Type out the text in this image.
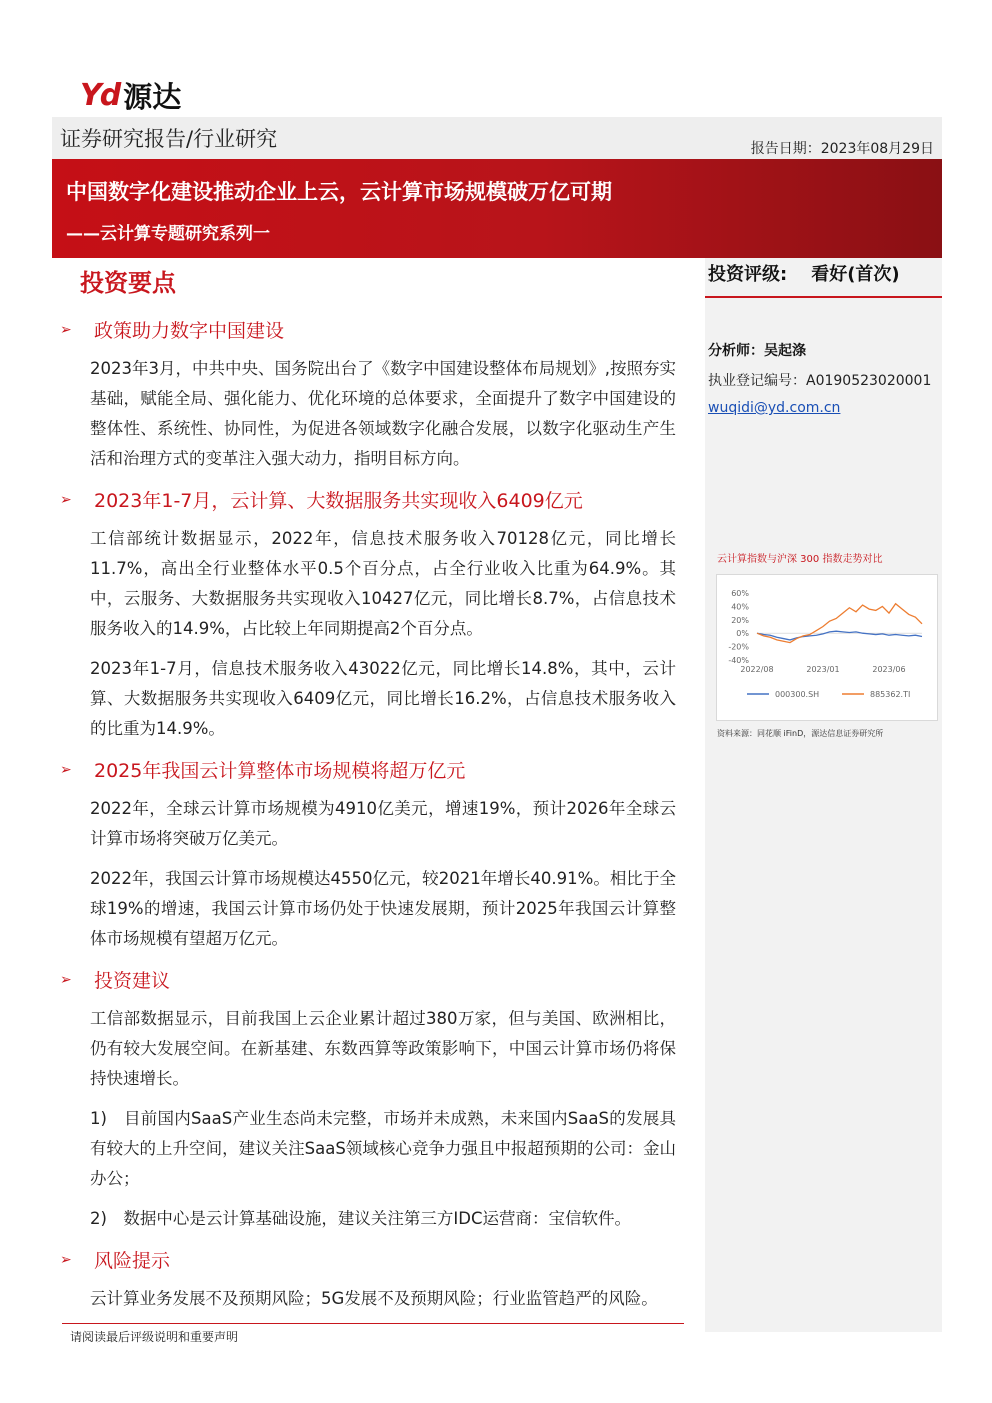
Yd 源达
证券研究报告/行业研究	报告日期：2023年08月29日
中国数字化建设推动企业上云，云计算市场规模破万亿可期
——云计算专题研究系列一
投资要点	投资评级: 看好(首次)
分析师：吴起涤
执业登记编号：A0190523020001
wuqidi@yd.com.cn
云计算指数与沪深 300 指数走势对比
60%
40%
20%
0%
-20%
-40%
2022/08	2023/01	2023/06
000300.SH	885362.TI
资料来源：同花顺 iFinD，源达信息证券研究所
➢	政策助力数字中国建设
2023年3月，中共中央、国务院出台了《数字中国建设整体布局规划》,按照夯实基础，赋能全局、强化能力、优化环境的总体要求，全面提升了数字中国建设的整体性、系统性、协同性，为促进各领域数字化融合发展，以数字化驱动生产生活和治理方式的变革注入强大动力，指明目标方向。
➢	2023年1-7月，云计算、大数据服务共实现收入6409亿元
工信部统计数据显示，2022年，信息技术服务收入70128亿元，同比增长11.7%，高出全行业整体水平0.5个百分点，占全行业收入比重为64.9%。其中，云服务、大数据服务共实现收入10427亿元，同比增长8.7%，占信息技术服务收入的14.9%，占比较上年同期提高2个百分点。
2023年1-7月，信息技术服务收入43022亿元，同比增长14.8%，其中，云计算、大数据服务共实现收入6409亿元，同比增长16.2%，占信息技术服务收入的比重为14.9%。
➢	2025年我国云计算整体市场规模将超万亿元
2022年，全球云计算市场规模为4910亿美元，增速19%，预计2026年全球云计算市场将突破万亿美元。
2022年，我国云计算市场规模达4550亿元，较2021年增长40.91%。相比于全球19%的增速，我国云计算市场仍处于快速发展期，预计2025年我国云计算整体市场规模有望超万亿元。
➢	投资建议
工信部数据显示，目前我国上云企业累计超过380万家，但与美国、欧洲相比，仍有较大发展空间。在新基建、东数西算等政策影响下，中国云计算市场仍将保持快速增长。
1)　目前国内SaaS产业生态尚未完整，市场并未成熟，未来国内SaaS的发展具有较大的上升空间，建议关注SaaS领域核心竞争力强且中报超预期的公司：金山办公；
2)　数据中心是云计算基础设施，建议关注第三方IDC运营商：宝信软件。
➢	风险提示
云计算业务发展不及预期风险；5G发展不及预期风险；行业监管趋严的风险。
请阅读最后评级说明和重要声明
